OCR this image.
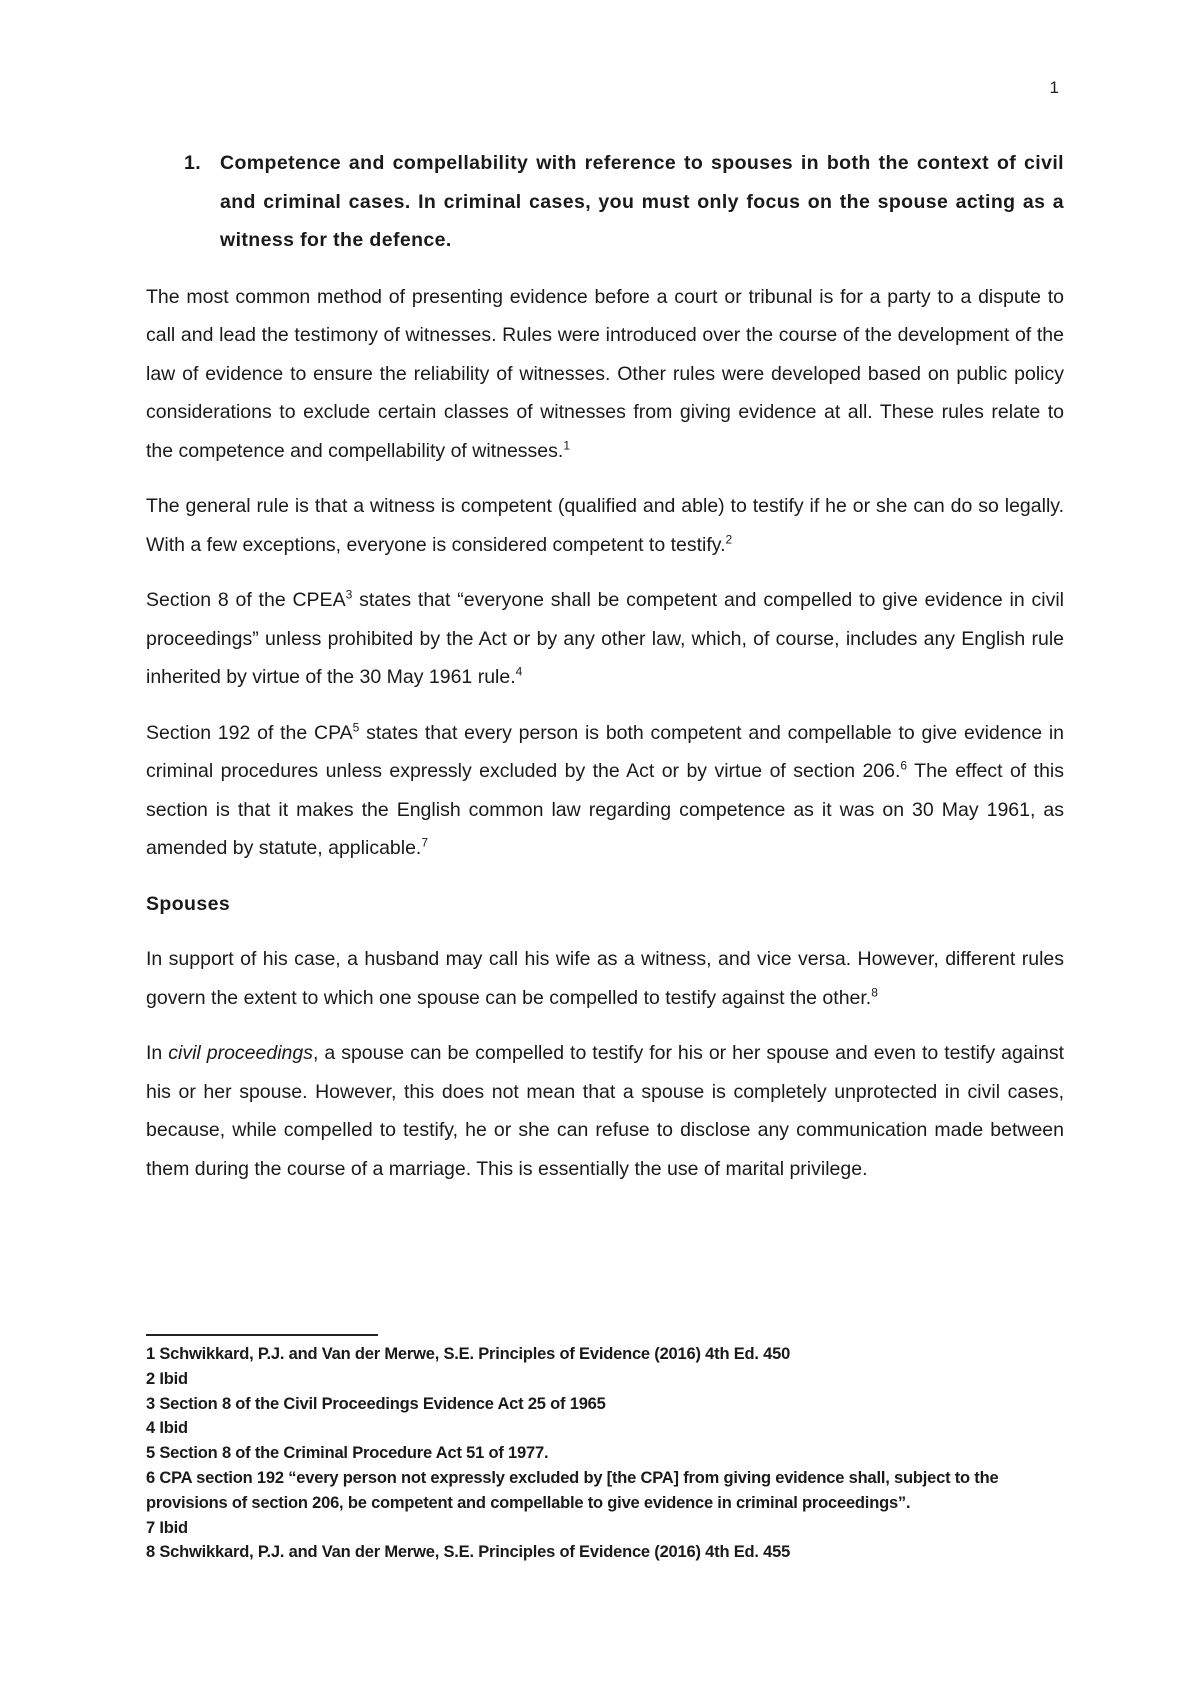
1
1. Competence and compellability with reference to spouses in both the context of civil and criminal cases. In criminal cases, you must only focus on the spouse acting as a witness for the defence.

The most common method of presenting evidence before a court or tribunal is for a party to a dispute to call and lead the testimony of witnesses. Rules were introduced over the course of the development of the law of evidence to ensure the reliability of witnesses. Other rules were developed based on public policy considerations to exclude certain classes of witnesses from giving evidence at all. These rules relate to the competence and compellability of witnesses.$^1$

The general rule is that a witness is competent (qualified and able) to testify if he or she can do so legally. With a few exceptions, everyone is considered competent to testify.$^2$

Section 8 of the CPEA$^3$ states that “everyone shall be competent and compelled to give evidence in civil proceedings” unless prohibited by the Act or by any other law, which, of course, includes any English rule inherited by virtue of the 30 May 1961 rule.$^4$

Section 192 of the CPA$^5$ states that every person is both competent and compellable to give evidence in criminal procedures unless expressly excluded by the Act or by virtue of section 206.$^6$ The effect of this section is that it makes the English common law regarding competence as it was on 30 May 1961, as amended by statute, applicable.$^7$

Spouses

In support of his case, a husband may call his wife as a witness, and vice versa. However, different rules govern the extent to which one spouse can be compelled to testify against the other.$^8$

In civil proceedings, a spouse can be compelled to testify for his or her spouse and even to testify against his or her spouse. However, this does not mean that a spouse is completely unprotected in civil cases, because, while compelled to testify, he or she can refuse to disclose any communication made between them during the course of a marriage. This is essentially the use of marital privilege.

1 Schwikkard, P.J. and Van der Merwe, S.E. Principles of Evidence (2016) 4th Ed. 450

2 Ibid

3 Section 8 of the Civil Proceedings Evidence Act 25 of 1965

4 Ibid

5 Section 8 of the Criminal Procedure Act 51 of 1977.

6 CPA section 192 “every person not expressly excluded by [the CPA] from giving evidence shall, subject to the provisions of section 206, be competent and compellable to give evidence in criminal proceedings”.

7 Ibid

8 Schwikkard, P.J. and Van der Merwe, S.E. Principles of Evidence (2016) 4th Ed. 455
